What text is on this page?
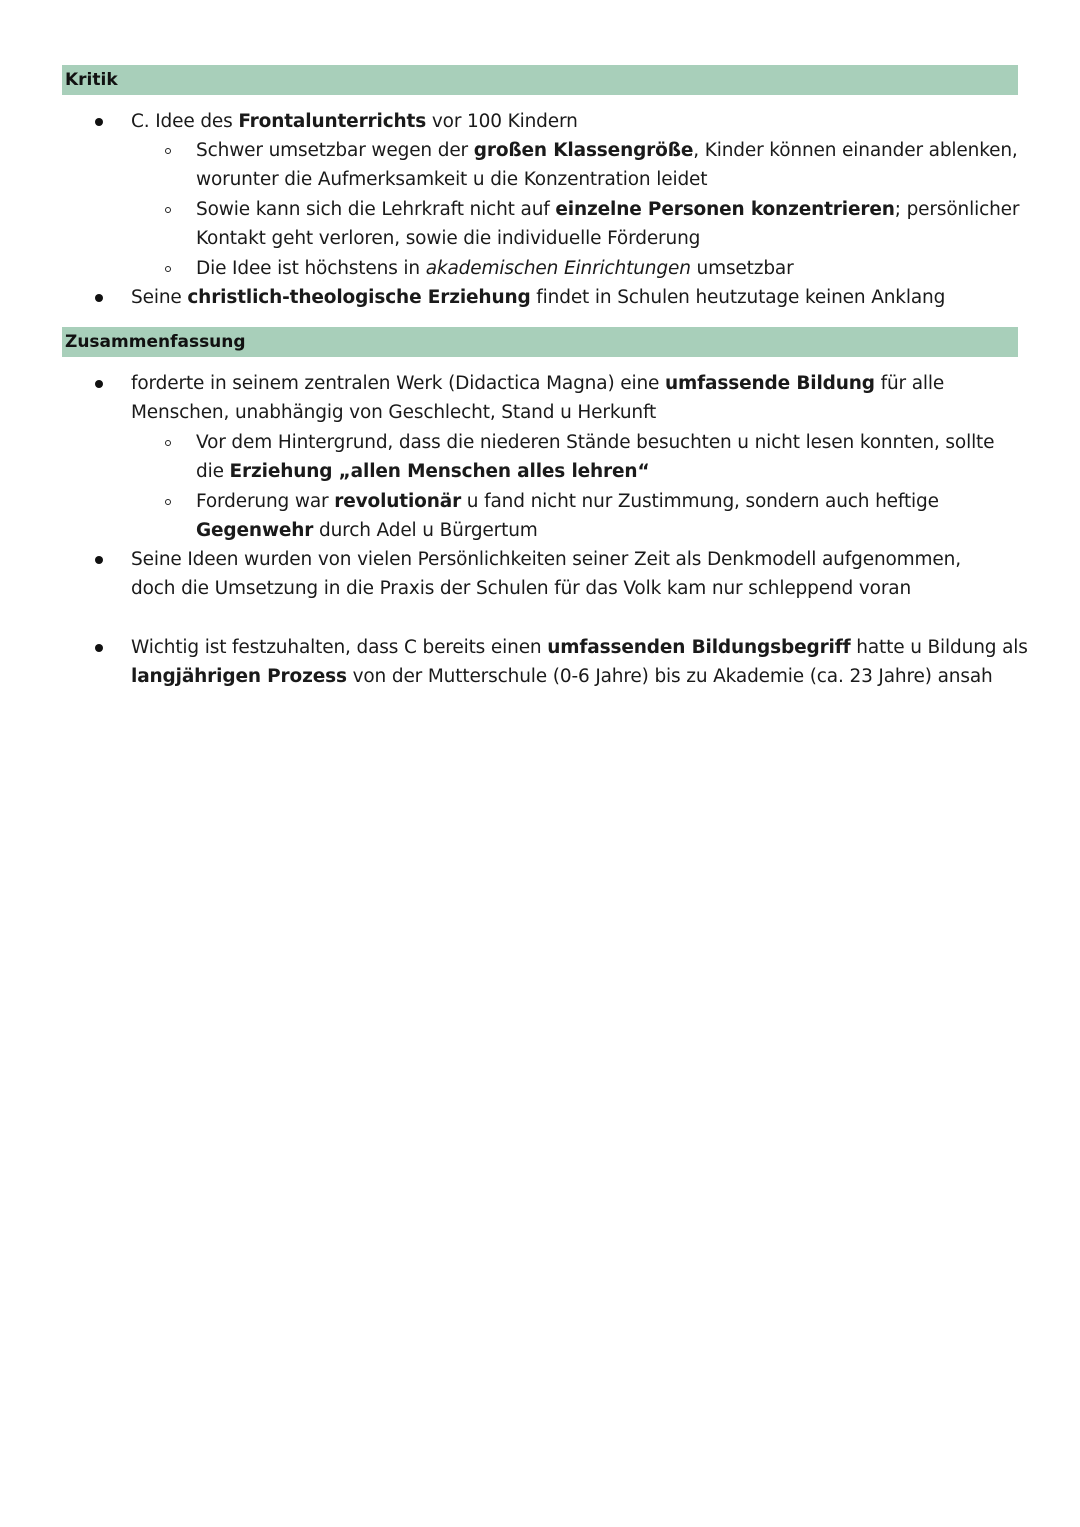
Kritik
C. Idee des Frontalunterrichts vor 100 Kindern
Schwer umsetzbar wegen der großen Klassengröße, Kinder können einander ablenken,
worunter die Aufmerksamkeit u die Konzentration leidet
Sowie kann sich die Lehrkraft nicht auf einzelne Personen konzentrieren; persönlicher
Kontakt geht verloren, sowie die individuelle Förderung
Die Idee ist höchstens in akademischen Einrichtungen umsetzbar
Seine christlich-theologische Erziehung findet in Schulen heutzutage keinen Anklang
Zusammenfassung
forderte in seinem zentralen Werk (Didactica Magna) eine umfassende Bildung für alle
Menschen, unabhängig von Geschlecht, Stand u Herkunft
Vor dem Hintergrund, dass die niederen Stände besuchten u nicht lesen konnten, sollte
die Erziehung „allen Menschen alles lehren“
Forderung war revolutionär u fand nicht nur Zustimmung, sondern auch heftige
Gegenwehr durch Adel u Bürgertum
Seine Ideen wurden von vielen Persönlichkeiten seiner Zeit als Denkmodell aufgenommen,
doch die Umsetzung in die Praxis der Schulen für das Volk kam nur schleppend voran
Wichtig ist festzuhalten, dass C bereits einen umfassenden Bildungsbegriff hatte u Bildung als
langjährigen Prozess von der Mutterschule (0-6 Jahre) bis zu Akademie (ca. 23 Jahre) ansah
